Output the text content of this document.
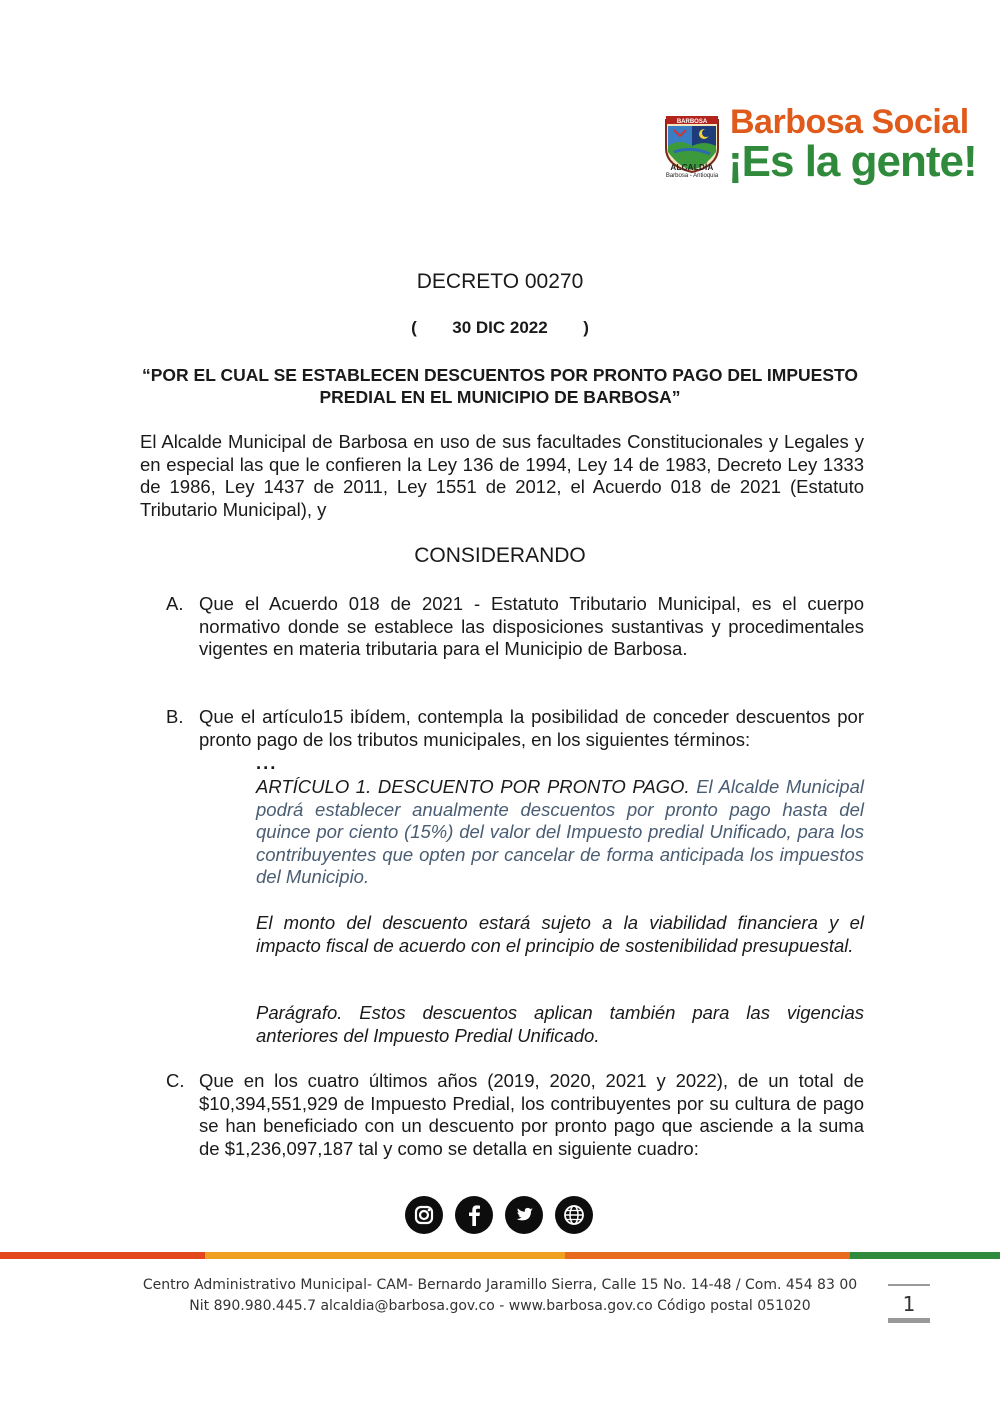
BARBOSA
ALCALDÍA
Barbosa - Antioquia
Barbosa Social
¡Es la gente!
DECRETO 00270
( 30 DIC 2022 )
“POR EL CUAL SE ESTABLECEN DESCUENTOS POR PRONTO PAGO DEL IMPUESTO PREDIAL EN EL MUNICIPIO DE BARBOSA”
El Alcalde Municipal de Barbosa en uso de sus facultades Constitucionales y Legales y en especial las que le confieren la Ley 136 de 1994, Ley 14 de 1983, Decreto Ley 1333 de 1986, Ley 1437 de 2011, Ley 1551 de 2012, el Acuerdo 018 de 2021 (Estatuto Tributario Municipal), y
CONSIDERANDO
A. Que el Acuerdo 018 de 2021 - Estatuto Tributario Municipal, es el cuerpo normativo donde se establece las disposiciones sustantivas y procedimentales vigentes en materia tributaria para el Municipio de Barbosa.
B. Que el artículo15 ibídem, contempla la posibilidad de conceder descuentos por pronto pago de los tributos municipales, en los siguientes términos:
...
ARTÍCULO 1. DESCUENTO POR PRONTO PAGO. El Alcalde Municipal podrá establecer anualmente descuentos por pronto pago hasta del quince por ciento (15%) del valor del Impuesto predial Unificado, para los contribuyentes que opten por cancelar de forma anticipada los impuestos del Municipio.
El monto del descuento estará sujeto a la viabilidad financiera y el impacto fiscal de acuerdo con el principio de sostenibilidad presupuestal.
Parágrafo. Estos descuentos aplican también para las vigencias anteriores del Impuesto Predial Unificado.
C. Que en los cuatro últimos años (2019, 2020, 2021 y 2022), de un total de $10,394,551,929 de Impuesto Predial, los contribuyentes por su cultura de pago se han beneficiado con un descuento por pronto pago que asciende a la suma de $1,236,097,187 tal y como se detalla en siguiente cuadro:
Centro Administrativo Municipal- CAM- Bernardo Jaramillo Sierra, Calle 15 No. 14-48 / Com. 454 83 00
Nit 890.980.445.7 alcaldia@barbosa.gov.co - www.barbosa.gov.co Código postal 051020	1
